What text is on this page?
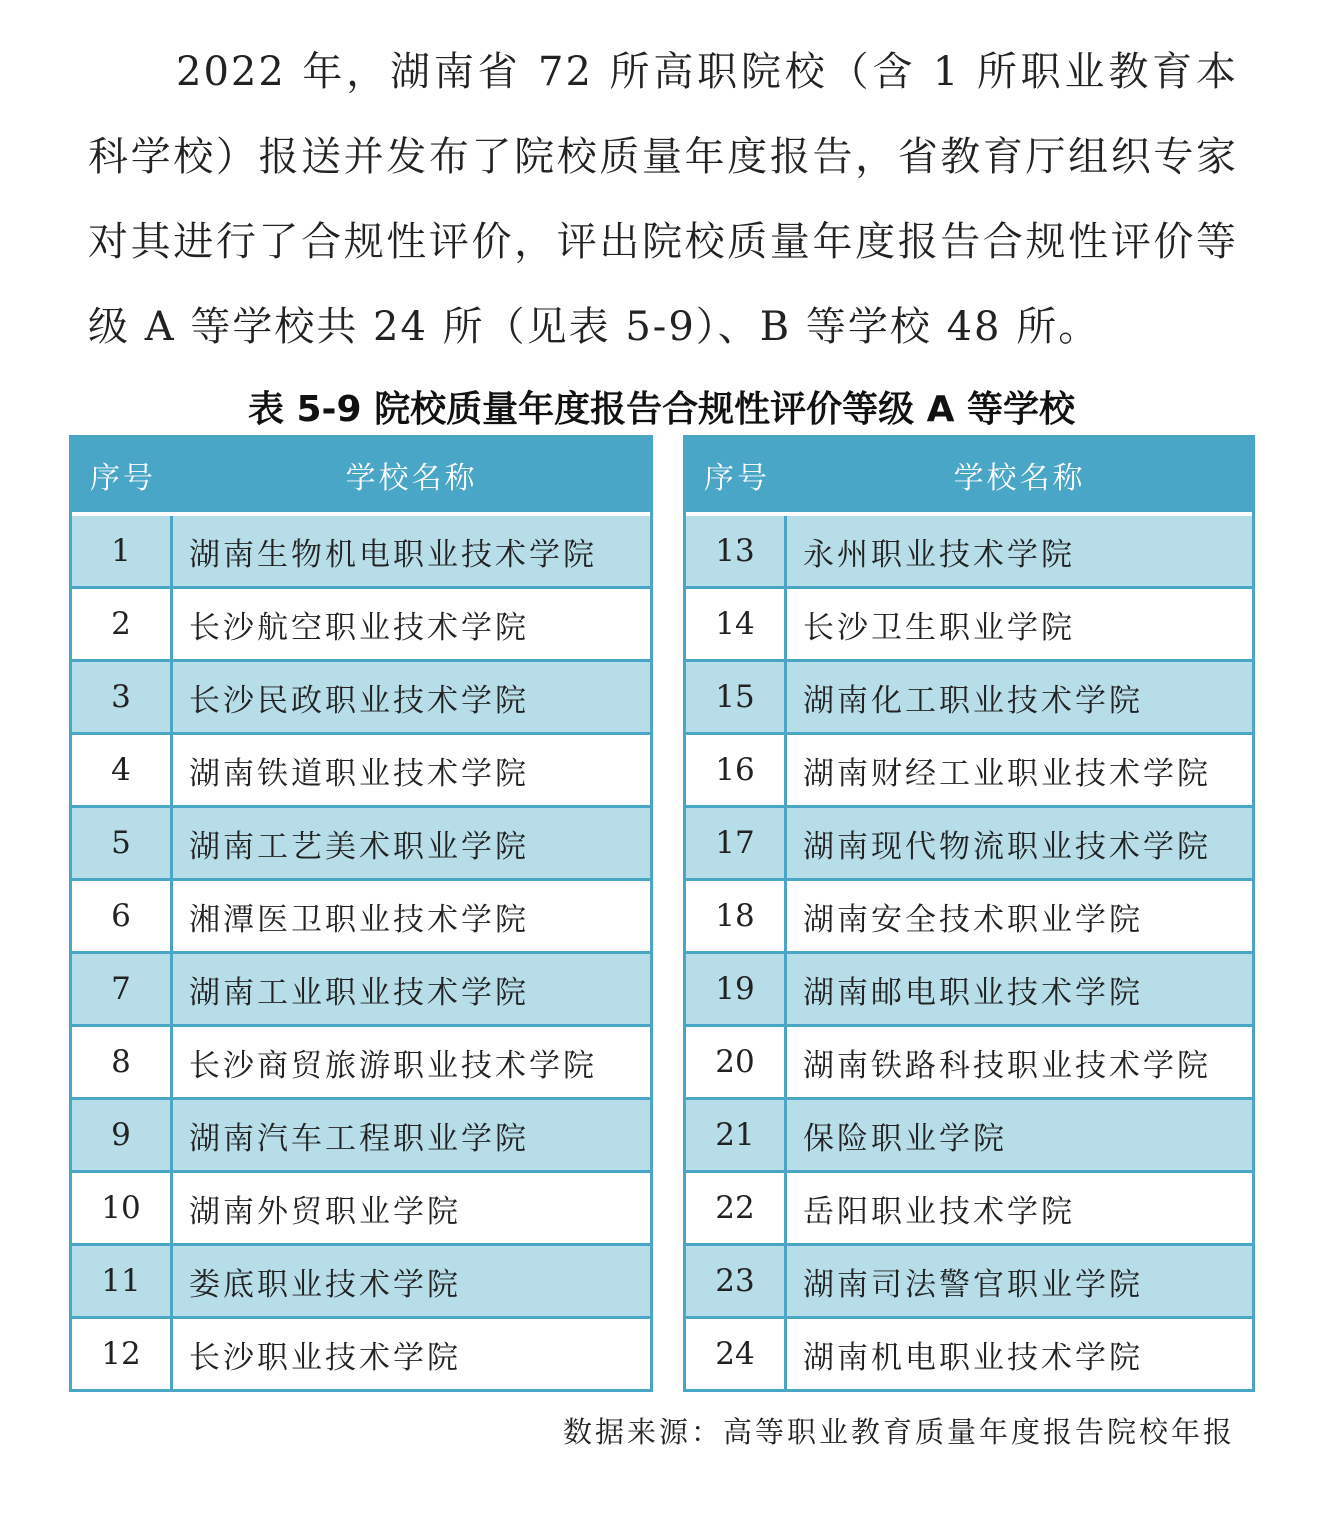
2022 年，湖南省 72 所高职院校（含 1 所职业教育本科学校）报送并发布了院校质量年度报告，省教育厅组织专家对其进行了合规性评价，评出院校质量年度报告合规性评价等级 A 等学校共 24 所（见表 5-9）、B 等学校 48 所。

表 5-9 院校质量年度报告合规性评价等级 A 等学校
序号	学校名称
1	湖南生物机电职业技术学院
2	长沙航空职业技术学院
3	长沙民政职业技术学院
4	湖南铁道职业技术学院
5	湖南工艺美术职业学院
6	湘潭医卫职业技术学院
7	湖南工业职业技术学院
8	长沙商贸旅游职业技术学院
9	湖南汽车工程职业学院
10	湖南外贸职业学院
11	娄底职业技术学院
12	长沙职业技术学院
序号	学校名称
13	永州职业技术学院
14	长沙卫生职业学院
15	湖南化工职业技术学院
16	湖南财经工业职业技术学院
17	湖南现代物流职业技术学院
18	湖南安全技术职业学院
19	湖南邮电职业技术学院
20	湖南铁路科技职业技术学院
21	保险职业学院
22	岳阳职业技术学院
23	湖南司法警官职业学院
24	湖南机电职业技术学院
数据来源：高等职业教育质量年度报告院校年报
